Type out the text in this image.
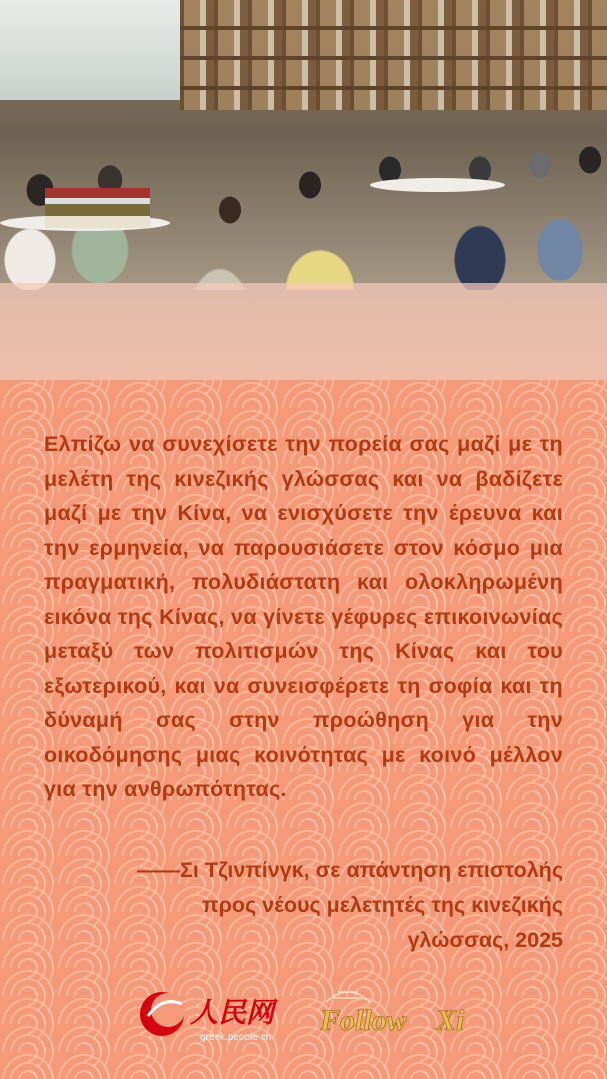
Ελπίζω να συνεχίσετε την πορεία σας μαζί με τη μελέτη της κινεζικής γλώσσας και να βαδίζετε μαζί με την Κίνα, να ενισχύσετε την έρευνα και την ερμηνεία, να παρουσιάσετε στον κόσμο μια πραγματική, πολυδιάστατη και ολοκληρωμένη εικόνα της Κίνας, να γίνετε γέφυρες επικοινωνίας μεταξύ των πολιτισμών της Κίνας και του εξωτερικού, και να συνεισφέρετε τη σοφία και τη δύναμή σας στην προώθηση για την οικοδόμησης μιας κοινότητας με κοινό μέλλον για την ανθρωπότητας.

——Σι Τζινπίνγκ, σε απάντηση επιστολής
προς νέους μελετητές της κινεζικής
γλώσσας, 2025
人民网
greek.people.cn
Follow Xi
